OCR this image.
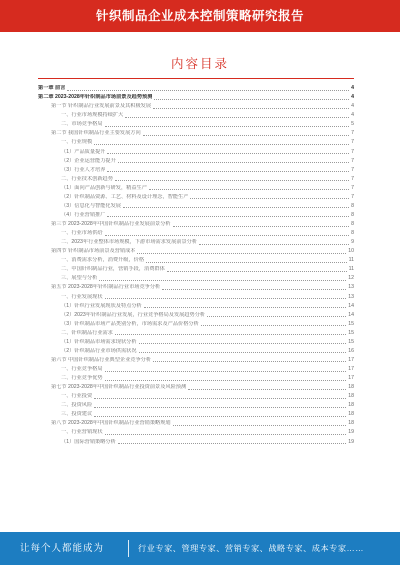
针织制品企业成本控制策略研究报告
内容目录
第一章 前言	4
第二章 2023-2028年针织制品市场前景及趋势预测	4
第一节 针织制品行业发展前景及其积极发展	4
一、行业市场规模持续扩大	4
二、市场竞争格局	5
第二节 我国针织制品行业主要发展方向	7
一、行业规模	7
（1）产品质量提升	7
（2）企业运营能力提升	7
（3）行业人才培养	7
二、行业技术创新趋势	7
（1）面向产品创新与研发，精益生产	7
（2）针织制品资源、工艺、材料及设计理念，智能生产	7
（3）信息化与智能化发展	8
（4）行业营销推广	8
第三节 2023-2028年中国针织制品行业发展前景分析	8
一、行业市场供给	8
二、2023年行业整体市场规模，下游市场需求发展前景分析	9
第四节 针织制品市场前景及营销成本	10
一、消费需求分析，消费升级，价格	11
二、中国针织制品行业，营销手段，消费群体	11
三、展望与分析	12
第五节 2023-2028年针织制品行业市场竞争分析	13
一、行业发展现状	13
（1）针织行业发展现状及特点分析	14
（2）2023年针织制品行业发展，行业竞争格局及发展趋势分析	14
（3）针织制品市场产品类别分析，市场需求及产品价格分析	15
二、针织制品行业需求	15
（1）针织制品市场需求现状分析	15
（2）针织制品行业市场供需状况	16
第六节 中国针织制品行业典型企业竞争分析	17
一、行业竞争格局	17
二、行业竞争优势	17
第七节 2023-2028年中国针织制品行业投资前景及风险预测	18
一、行业投资	18
二、投资风险	18
三、投资建议	18
第八节 2023-2028年中国针织制品行业营销策略规划	18
一、行业营销现状	19
（1）国际营销策略分析	19
让每个人都能成为	行业专家、管理专家、营销专家、战略专家、成本专家……
